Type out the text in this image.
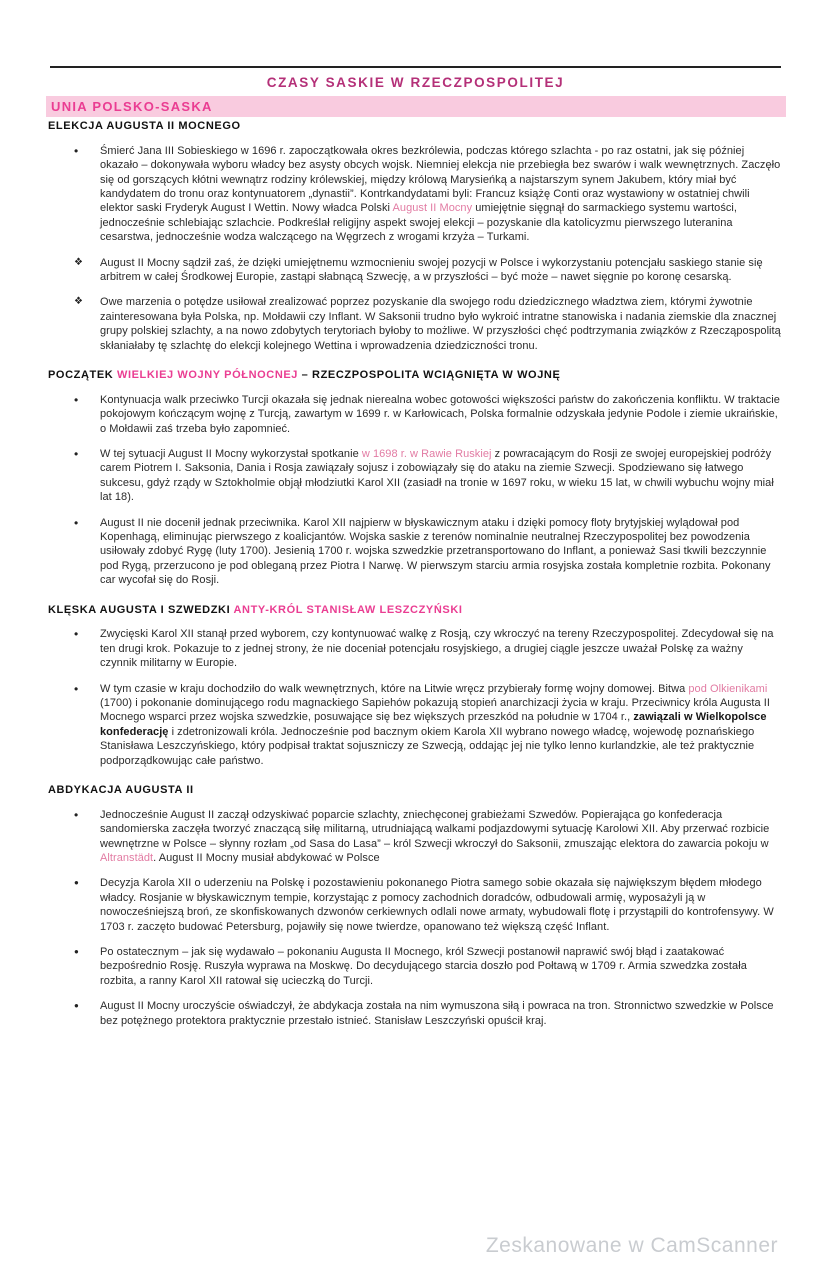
CZASY SASKIE W RZECZPOSPOLITEJ
UNIA POLSKO-SASKA
ELEKCJA AUGUSTA II MOCNEGO
•	Śmierć Jana III Sobieskiego w 1696 r. zapoczątkowała okres bezkrólewia, podczas którego szlachta - po raz ostatni, jak się później okazało – dokonywała wyboru władcy bez asysty obcych wojsk. Niemniej elekcja nie przebiegła bez swarów i walk wewnętrznych. Zaczęło się od gorszących kłótni wewnątrz rodziny królewskiej, między królową Marysieńką a najstarszym synem Jakubem, który miał być kandydatem do tronu oraz kontynuatorem „dynastii”. Kontrkandydatami byli: Francuz książę Conti oraz wystawiony w ostatniej chwili elektor saski Fryderyk August I Wettin. Nowy władca Polski August II Mocny umiejętnie sięgnął do sarmackiego systemu wartości, jednocześnie schlebiając szlachcie. Podkreślał religijny aspekt swojej elekcji – pozyskanie dla katolicyzmu pierwszego luteranina cesarstwa, jednocześnie wodza walczącego na Węgrzech z wrogami krzyża – Turkami.

❖	August II Mocny sądził zaś, że dzięki umiejętnemu wzmocnieniu swojej pozycji w Polsce i wykorzystaniu potencjału saskiego stanie się arbitrem w całej Środkowej Europie, zastąpi słabnącą Szwecję, a w przyszłości – być może – nawet sięgnie po koronę cesarską.

❖	Owe marzenia o potędze usiłował zrealizować poprzez pozyskanie dla swojego rodu dziedzicznego władztwa ziem, którymi żywotnie zainteresowana była Polska, np. Mołdawii czy Inflant. W Saksonii trudno było wykroić intratne stanowiska i nadania ziemskie dla znacznej grupy polskiej szlachty, a na nowo zdobytych terytoriach byłoby to możliwe. W przyszłości chęć podtrzymania związków z Rzecząpospolitą skłaniałaby tę szlachtę do elekcji kolejnego Wettina i wprowadzenia dziedziczności tronu.

POCZĄTEK WIELKIEJ WOJNY PÓŁNOCNEJ – RZECZPOSPOLITA WCIĄGNIĘTA W WOJNĘ
•	Kontynuacja walk przeciwko Turcji okazała się jednak nierealna wobec gotowości większości państw do zakończenia konfliktu. W traktacie pokojowym kończącym wojnę z Turcją, zawartym w 1699 r. w Karłowicach, Polska formalnie odzyskała jedynie Podole i ziemie ukraińskie, o Mołdawii zaś trzeba było zapomnieć.

•	W tej sytuacji August II Mocny wykorzystał spotkanie w 1698 r. w Rawie Ruskiej z powracającym do Rosji ze swojej europejskiej podróży carem Piotrem I. Saksonia, Dania i Rosja zawiązały sojusz i zobowiązały się do ataku na ziemie Szwecji. Spodziewano się łatwego sukcesu, gdyż rządy w Sztokholmie objął młodziutki Karol XII (zasiadł na tronie w 1697 roku, w wieku 15 lat, w chwili wybuchu wojny miał lat 18).

•	August II nie docenił jednak przeciwnika. Karol XII najpierw w błyskawicznym ataku i dzięki pomocy floty brytyjskiej wylądował pod Kopenhagą, eliminując pierwszego z koalicjantów. Wojska saskie z terenów nominalnie neutralnej Rzeczypospolitej bez powodzenia usiłowały zdobyć Rygę (luty 1700). Jesienią 1700 r. wojska szwedzkie przetransportowano do Inflant, a ponieważ Sasi tkwili bezczynnie pod Rygą, przerzucono je pod obleganą przez Piotra I Narwę. W pierwszym starciu armia rosyjska została kompletnie rozbita. Pokonany car wycofał się do Rosji.

KLĘSKA AUGUSTA I SZWEDZKI ANTY-KRÓL STANISŁAW LESZCZYŃSKI
•	Zwycięski Karol XII stanął przed wyborem, czy kontynuować walkę z Rosją, czy wkroczyć na tereny Rzeczypospolitej. Zdecydował się na ten drugi krok. Pokazuje to z jednej strony, że nie doceniał potencjału rosyjskiego, a drugiej ciągle jeszcze uważał Polskę za ważny czynnik militarny w Europie.

•	W tym czasie w kraju dochodziło do walk wewnętrznych, które na Litwie wręcz przybierały formę wojny domowej. Bitwa pod Olkienikami (1700) i pokonanie dominującego rodu magnackiego Sapiehów pokazują stopień anarchizacji życia w kraju. Przeciwnicy króla Augusta II Mocnego wsparci przez wojska szwedzkie, posuwające się bez większych przeszkód na południe w 1704 r., zawiązali w Wielkopolsce konfederację i zdetronizowali króla. Jednocześnie pod bacznym okiem Karola XII wybrano nowego władcę, wojewodę poznańskiego Stanisława Leszczyńskiego, który podpisał traktat sojuszniczy ze Szwecją, oddając jej nie tylko lenno kurlandzkie, ale też praktycznie podporządkowując całe państwo.

ABDYKACJA AUGUSTA II
•	Jednocześnie August II zaczął odzyskiwać poparcie szlachty, zniechęconej grabieżami Szwedów. Popierająca go konfederacja sandomierska zaczęła tworzyć znaczącą siłę militarną, utrudniającą walkami podjazdowymi sytuację Karolowi XII. Aby przerwać rozbicie wewnętrzne w Polsce – słynny rozłam „od Sasa do Lasa” – król Szwecji wkroczył do Saksonii, zmuszając elektora do zawarcia pokoju w Altranstädt. August II Mocny musiał abdykować w Polsce

●	Decyzja Karola XII o uderzeniu na Polskę i pozostawieniu pokonanego Piotra samego sobie okazała się największym błędem młodego władcy. Rosjanie w błyskawicznym tempie, korzystając z pomocy zachodnich doradców, odbudowali armię, wyposażyli ją w nowocześniejszą broń, ze skonfiskowanych dzwonów cerkiewnych odlali nowe armaty, wybudowali flotę i przystąpili do kontrofensywy. W 1703 r. zaczęto budować Petersburg, pojawiły się nowe twierdze, opanowano też większą część Inflant.

●	Po ostatecznym – jak się wydawało – pokonaniu Augusta II Mocnego, król Szwecji postanowił naprawić swój błąd i zaatakować bezpośrednio Rosję. Ruszyła wyprawa na Moskwę. Do decydującego starcia doszło pod Połtawą w 1709 r. Armia szwedzka została rozbita, a ranny Karol XII ratował się ucieczką do Turcji.

●	August II Mocny uroczyście oświadczył, że abdykacja została na nim wymuszona siłą i powraca na tron. Stronnictwo szwedzkie w Polsce bez potężnego protektora praktycznie przestało istnieć. Stanisław Leszczyński opuścił kraj.

Zeskanowane w CamScanner
